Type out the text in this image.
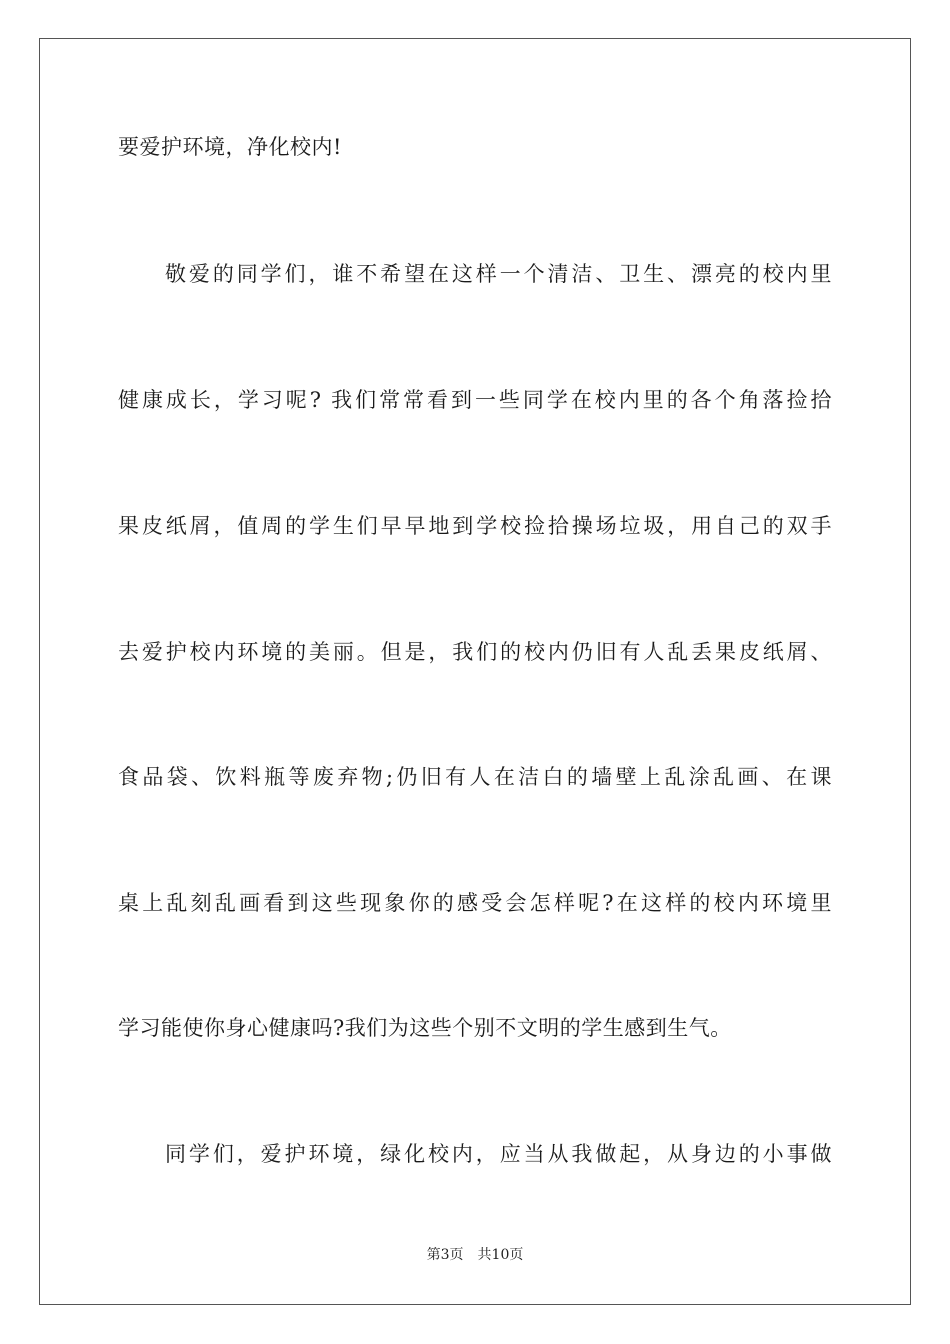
要爱护环境，净化校内!
敬爱的同学们，谁不希望在这样一个清洁、卫生、漂亮的校内里
健康成长，学习呢? 我们常常看到一些同学在校内里的各个角落捡拾
果皮纸屑，值周的学生们早早地到学校捡拾操场垃圾，用自己的双手
去爱护校内环境的美丽。但是，我们的校内仍旧有人乱丢果皮纸屑、
食品袋、饮料瓶等废弃物;仍旧有人在洁白的墙壁上乱涂乱画、在课
桌上乱刻乱画看到这些现象你的感受会怎样呢?在这样的校内环境里
学习能使你身心健康吗?我们为这些个别不文明的学生感到生气。
同学们，爱护环境，绿化校内，应当从我做起，从身边的小事做
第3页 共10页
